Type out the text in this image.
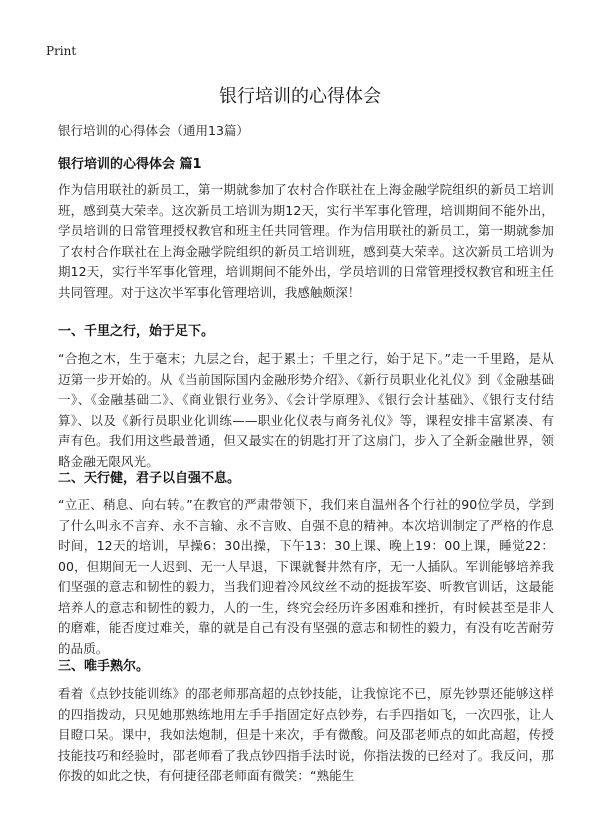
Print
银行培训的心得体会
银行培训的心得体会（通用13篇）
银行培训的心得体会 篇1
作为信用联社的新员工，第一期就参加了农村合作联社在上海金融学院组织的新员工培训班，感到莫大荣幸。这次新员工培训为期12天，实行半军事化管理，培训期间不能外出，学员培训的日常管理授权教官和班主任共同管理。作为信用联社的新员工，第一期就参加了农村合作联社在上海金融学院组织的新员工培训班，感到莫大荣幸。这次新员工培训为期12天，实行半军事化管理，培训期间不能外出，学员培训的日常管理授权教官和班主任共同管理。对于这次半军事化管理培训，我感触颇深！
一、千里之行，始于足下。
“合抱之木，生于毫末；九层之台，起于累土；千里之行，始于足下。”走一千里路，是从迈第一步开始的。从《当前国际国内金融形势介绍》、《新行员职业化礼仪》到《金融基础一》、《金融基础二》、《商业银行业务》、《会计学原理》、《银行会计基础》、《银行支付结算》、以及《新行员职业化训练——职业化仪表与商务礼仪》等，课程安排丰富紧凑、有声有色。我们用这些最普通，但又最实在的钥匙打开了这扇门，步入了全新金融世界，领略金融无限风光。
二、天行健，君子以自强不息。
“立正、稍息、向右转。”在教官的严肃带领下，我们来自温州各个行社的90位学员，学到了什么叫永不言弃、永不言输、永不言败、自强不息的精神。本次培训制定了严格的作息时间，12天的培训，早操6：30出操，下午13：30上课、晚上19：00上课，睡觉22：00，但期间无一人迟到、无一人早退，下课就餐井然有序，无一人插队。军训能够培养我们坚强的意志和韧性的毅力，当我们迎着冷风纹丝不动的挺拔军姿、听教官训话，这最能培养人的意志和韧性的毅力，人的一生，终究会经历许多困难和挫折，有时候甚至是非人的磨难，能否度过难关，靠的就是自己有没有坚强的意志和韧性的毅力，有没有吃苦耐劳的品质。
三、唯手熟尔。
看着《点钞技能训练》的邵老师那高超的点钞技能，让我惊诧不已，原先钞票还能够这样的四指拨动，只见她那熟练地用左手手指固定好点钞券，右手四指如飞，一次四张，让人目瞪口呆。课中，我如法炮制，但是十来次，手有微酸。问及邵老师点的如此高超，传授技能技巧和经验时，邵老师看了我点钞四指手法时说，你指法拨的已经对了。我反问，那你拨的如此之快，有何捷径邵老师面有微笑：“熟能生
